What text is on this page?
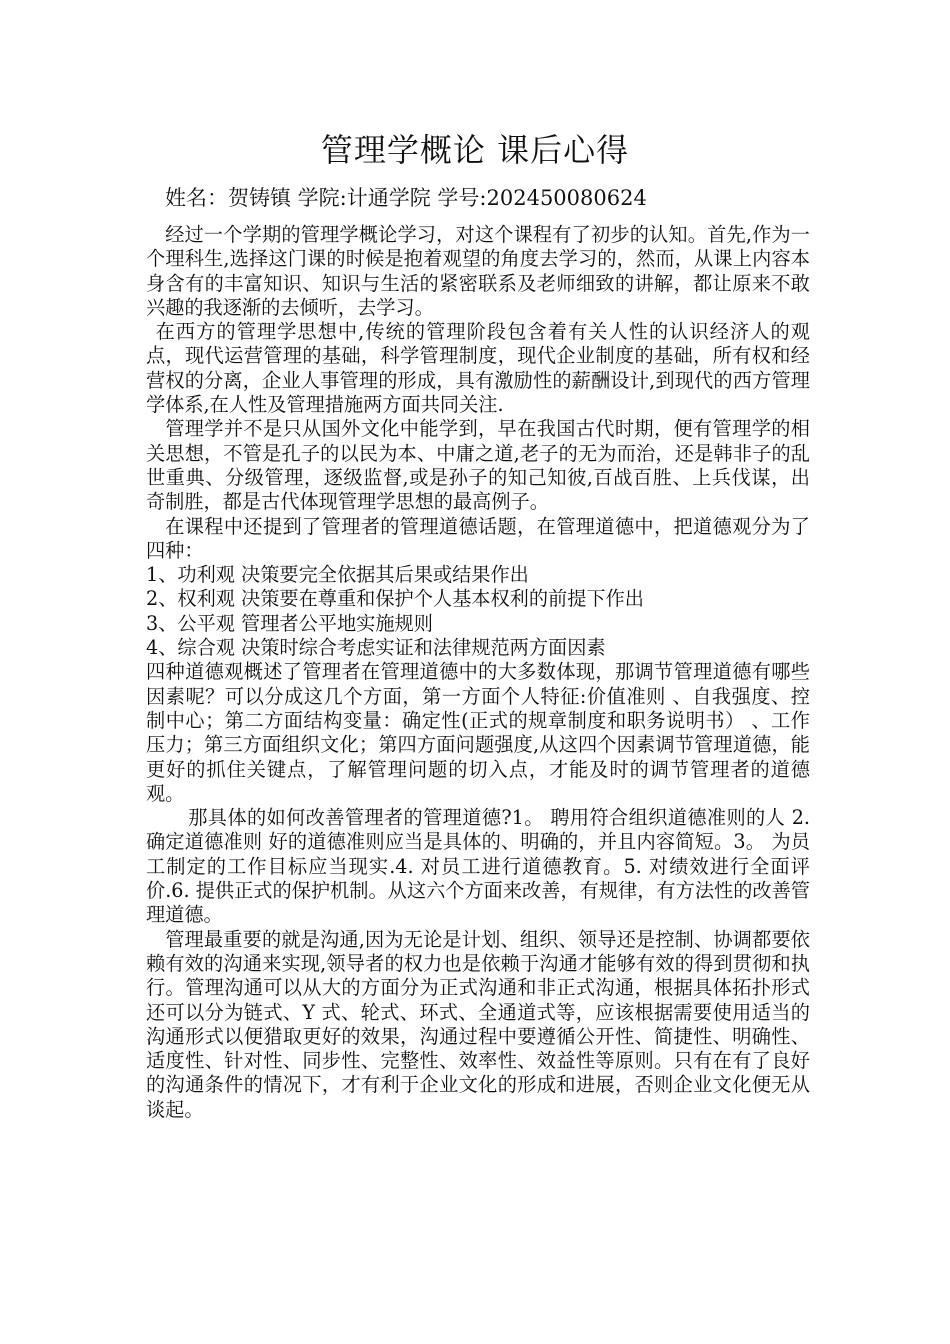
管理学概论 课后心得
姓名：贺铸镇 学院:计通学院 学号:202450080624

经过一个学期的管理学概论学习，对这个课程有了初步的认知。首先,作为一个理科生,选择这门课的时候是抱着观望的角度去学习的，然而，从课上内容本身含有的丰富知识、知识与生活的紧密联系及老师细致的讲解，都让原来不敢兴趣的我逐渐的去倾听，去学习。

在西方的管理学思想中,传统的管理阶段包含着有关人性的认识经济人的观点，现代运营管理的基础，科学管理制度，现代企业制度的基础，所有权和经营权的分离，企业人事管理的形成，具有激励性的薪酬设计,到现代的西方管理学体系,在人性及管理措施两方面共同关注.

管理学并不是只从国外文化中能学到，早在我国古代时期，便有管理学的相关思想，不管是孔子的以民为本、中庸之道,老子的无为而治，还是韩非子的乱世重典、分级管理，逐级监督,或是孙子的知己知彼,百战百胜、上兵伐谋，出奇制胜，都是古代体现管理学思想的最高例子。

在课程中还提到了管理者的管理道德话题，在管理道德中，把道德观分为了四种：

1、功利观 决策要完全依据其后果或结果作出

2、权利观 决策要在尊重和保护个人基本权利的前提下作出

3、公平观 管理者公平地实施规则

4、综合观 决策时综合考虑实证和法律规范两方面因素

四种道德观概述了管理者在管理道德中的大多数体现，那调节管理道德有哪些因素呢？可以分成这几个方面，第一方面个人特征:价值准则 、自我强度、控制中心；第二方面结构变量：确定性(正式的规章制度和职务说明书） 、工作压力；第三方面组织文化；第四方面问题强度,从这四个因素调节管理道德，能更好的抓住关键点，了解管理问题的切入点，才能及时的调节管理者的道德观。

那具体的如何改善管理者的管理道德?1。 聘用符合组织道德准则的人 2. 确定道德准则 好的道德准则应当是具体的、明确的，并且内容简短。3。 为员工制定的工作目标应当现实.4. 对员工进行道德教育。5. 对绩效进行全面评价.6. 提供正式的保护机制。从这六个方面来改善，有规律，有方法性的改善管理道德。

管理最重要的就是沟通,因为无论是计划、组织、领导还是控制、协调都要依赖有效的沟通来实现,领导者的权力也是依赖于沟通才能够有效的得到贯彻和执行。管理沟通可以从大的方面分为正式沟通和非正式沟通，根据具体拓扑形式还可以分为链式、Y 式、轮式、环式、全通道式等，应该根据需要使用适当的沟通形式以便猎取更好的效果，沟通过程中要遵循公开性、简捷性、明确性、适度性、针对性、同步性、完整性、效率性、效益性等原则。只有在有了良好的沟通条件的情况下，才有利于企业文化的形成和进展，否则企业文化便无从谈起。
